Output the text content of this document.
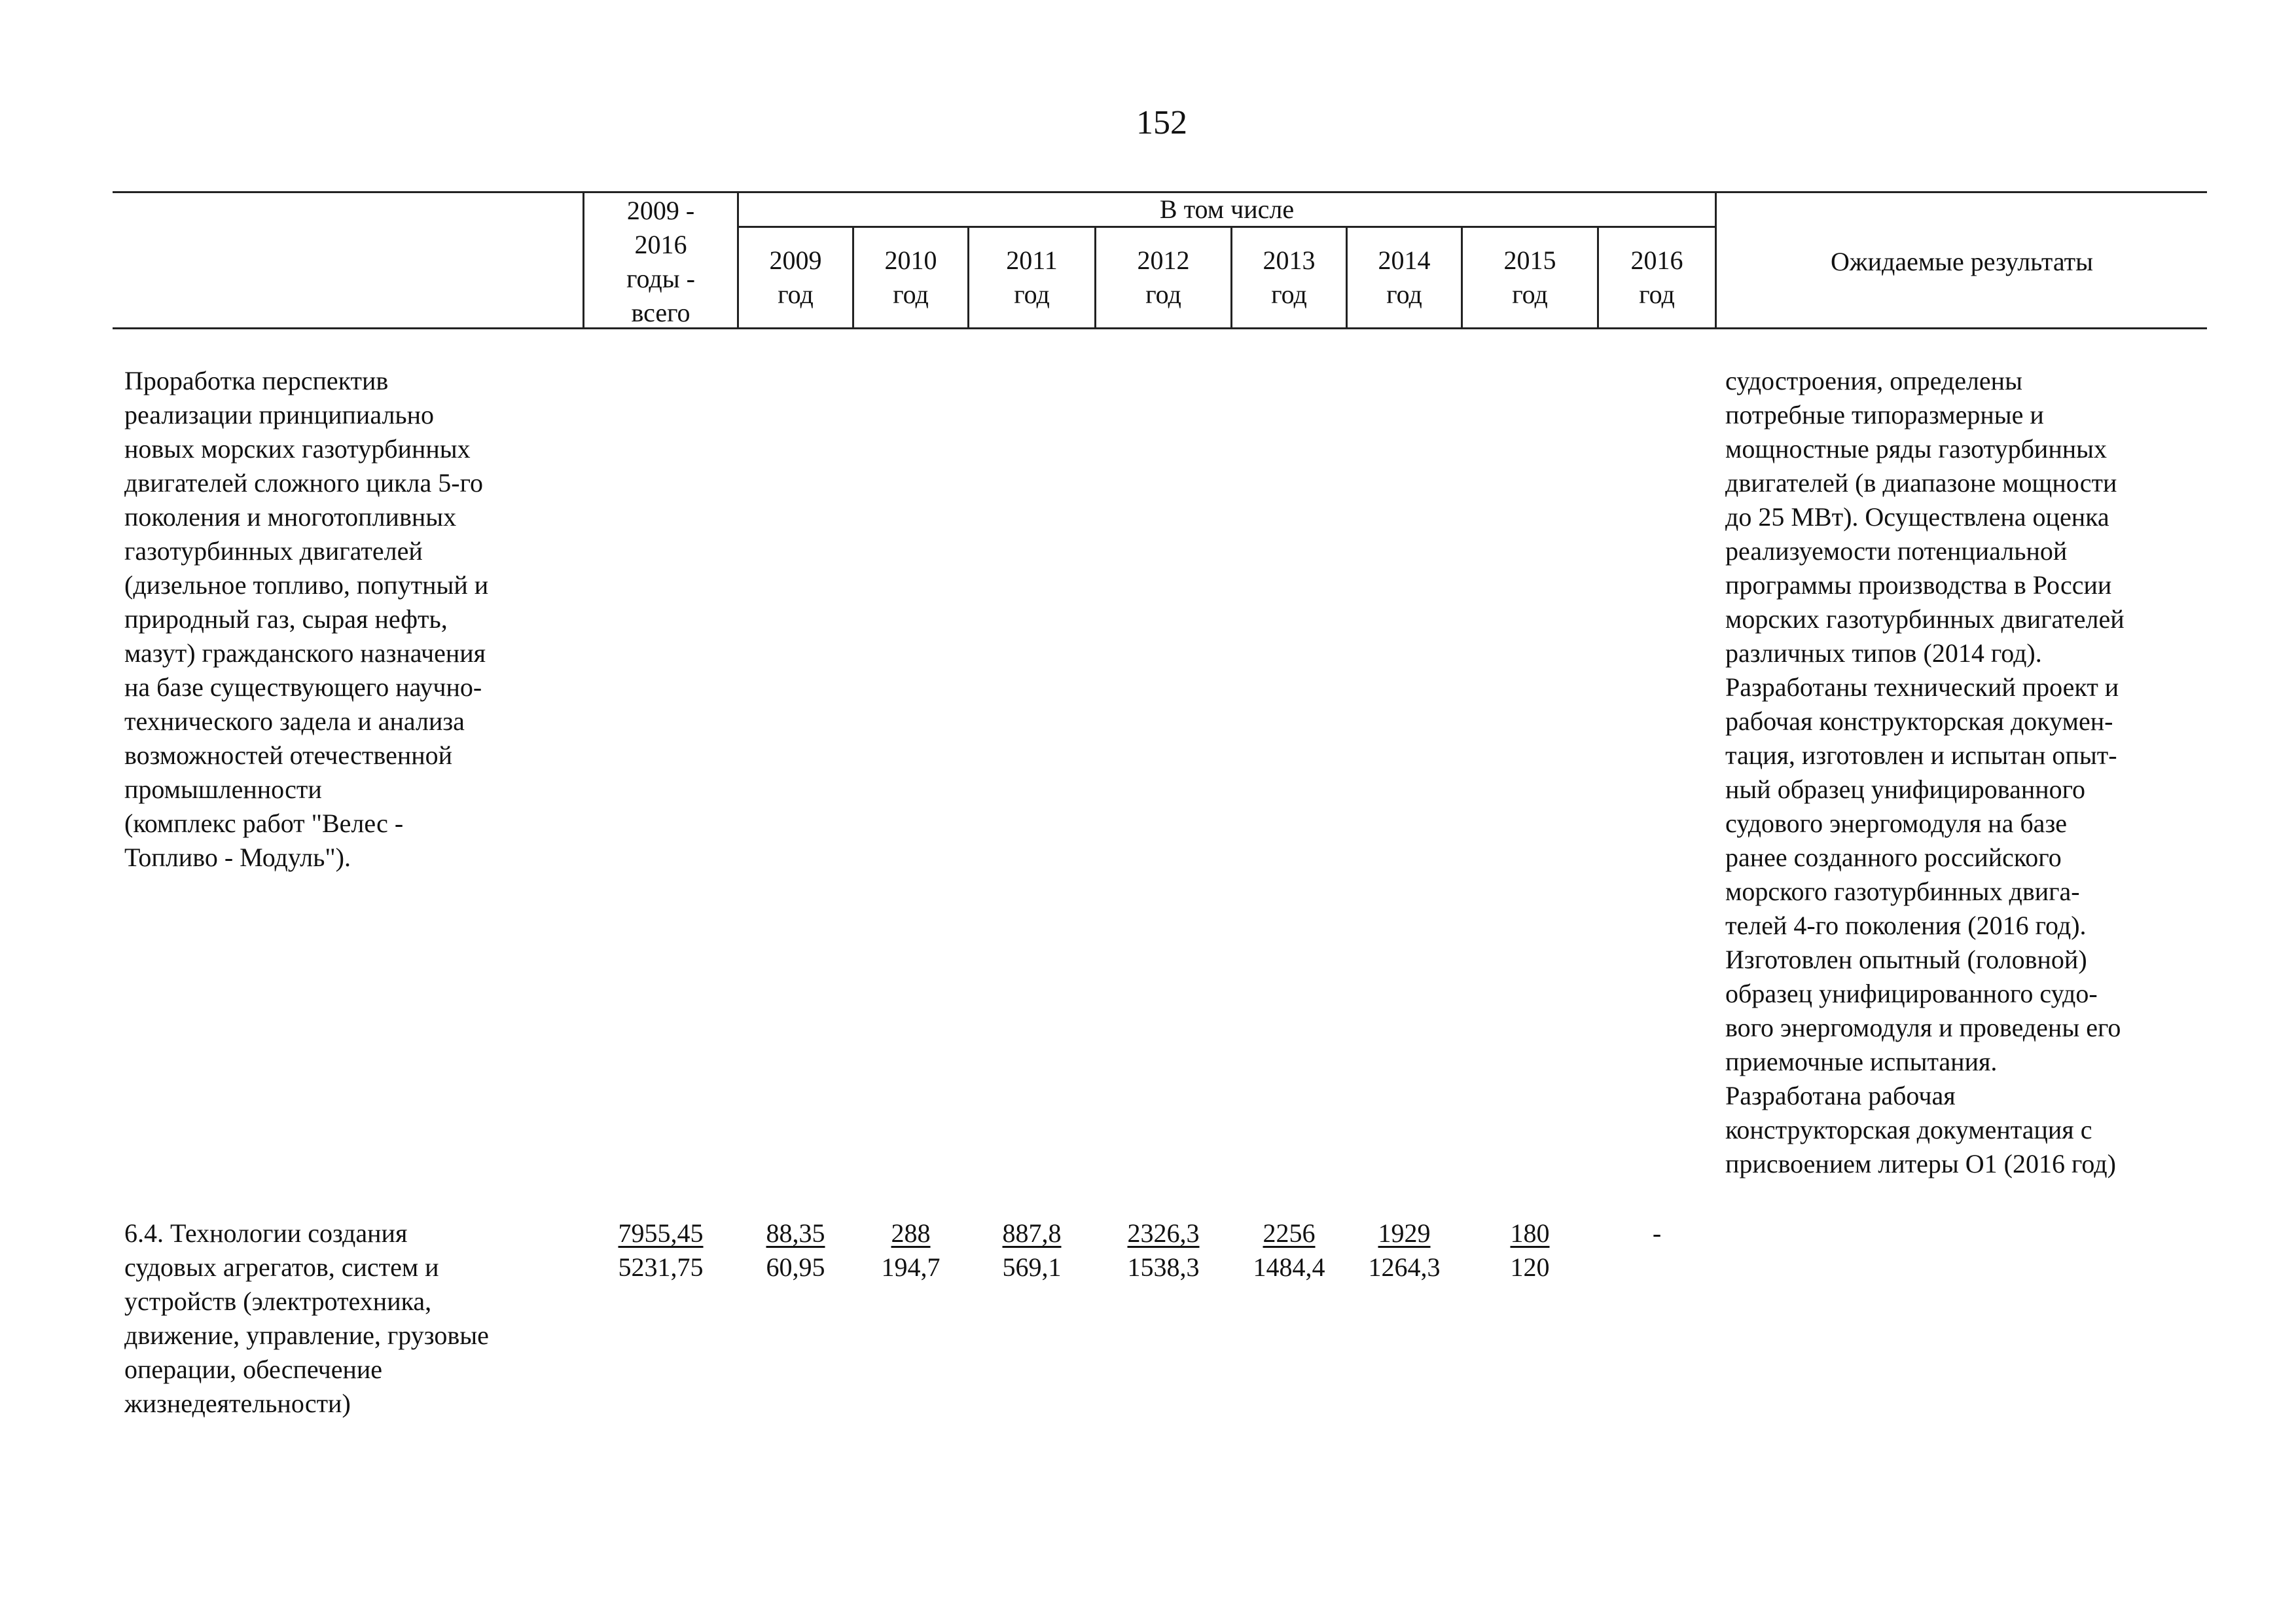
152
2009 -
2016
годы -
всего
В том числе
2009
год
2010
год
2011
год
2012
год
2013
год
2014
год
2015
год
2016
год
Ожидаемые результаты
Проработка перспектив
реализации принципиально
новых морских газотурбинных
двигателей сложного цикла 5-го
поколения и многотопливных
газотурбинных двигателей
(дизельное топливо, попутный и
природный газ, сырая нефть,
мазут) гражданского назначения
на базе существующего научно-
технического задела и анализа
возможностей отечественной
промышленности
(комплекс работ "Велес -
Топливо - Модуль").
судостроения, определены
потребные типоразмерные и
мощностные ряды газотурбинных
двигателей (в диапазоне мощности
до 25 МВт). Осуществлена оценка
реализуемости потенциальной
программы производства в России
морских газотурбинных двигателей
различных типов (2014 год).
Разработаны технический проект и
рабочая конструкторская докумен-
тация, изготовлен и испытан опыт-
ный образец унифицированного
судового энергомодуля на базе
ранее созданного российского
морского газотурбинных двига-
телей 4-го поколения (2016 год).
Изготовлен опытный (головной)
образец унифицированного судо-
вого энергомодуля и проведены его
приемочные испытания.
Разработана рабочая
конструкторская документация с
присвоением литеры О1 (2016 год)
6.4. Технологии создания
судовых агрегатов, систем и
устройств (электротехника,
движение, управление, грузовые
операции, обеспечение
жизнедеятельности)
7955,45
5231,75
88,35
60,95
288
194,7
887,8
569,1
2326,3
1538,3
2256
1484,4
1929
1264,3
180
120
-
